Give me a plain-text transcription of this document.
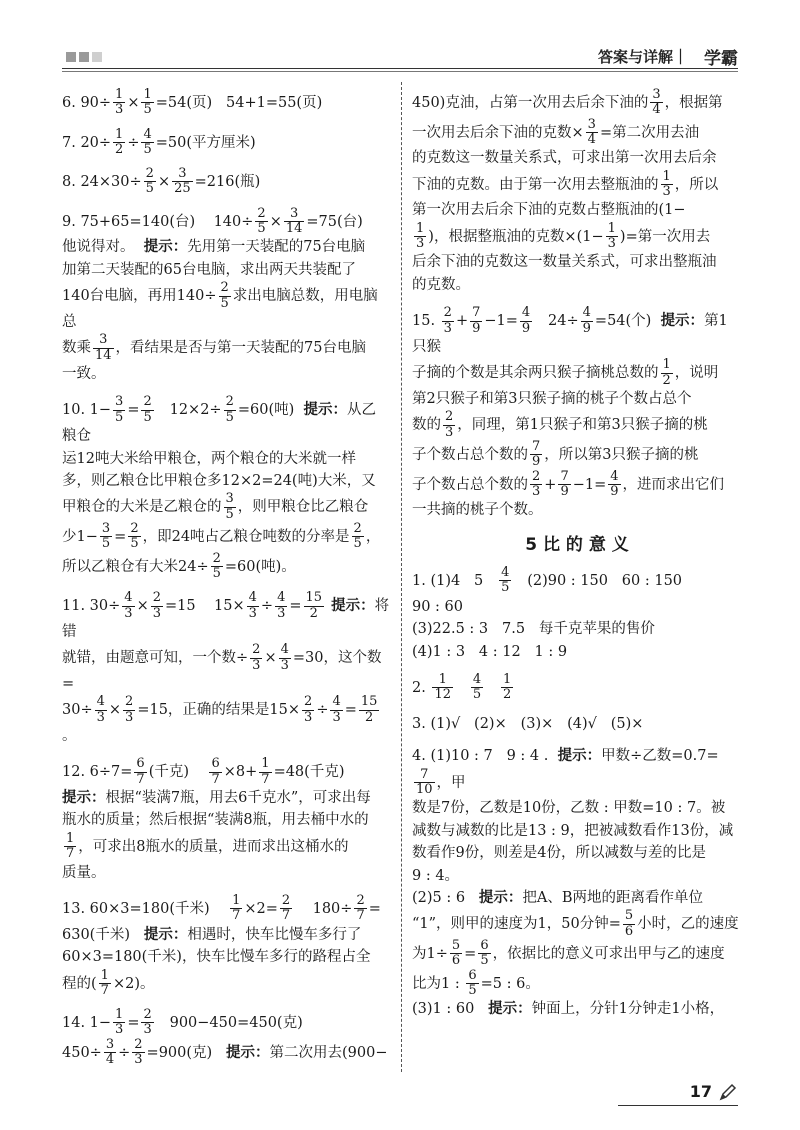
答案与详解｜ 学霸
6. $90\div \frac{1}{3} \times \frac{1}{5} =54$(页)   54+1=55(页)
7. $20\div \frac{1}{2} \div \frac{4}{5} =50$(平方厘米)
8. $24\times 30\div \frac{2}{5} \times \frac{3}{25} =216$(瓶)
9. 75+65=140(台)    $140\div \frac{2}{5} \times \frac{3}{14} =75$(台)
他说得对。  提示：先用第一天装配的75台电脑
加第二天装配的65台电脑，求出两天共装配了
140台电脑，再用$140\div \frac{2}{5}$ 求出电脑总数，用电脑总
数乘 $\frac{3}{14}$ ，看结果是否与第一天装配的75台电脑
一致。
10. $1- \frac{3}{5} = \frac{2}{5} 12\times 2\div \frac{2}{5} =60$(吨)  提示：从乙粮仓
运12吨大米给甲粮仓，两个粮仓的大米就一样
多，则乙粮仓比甲粮仓多12×2=24(吨)大米，又
甲粮仓的大米是乙粮仓的 $\frac{3}{5}$ ，则甲粮仓比乙粮仓
少$1- \frac{3}{5} = \frac{2}{5}$ ，即24吨占乙粮仓吨数的分率是 $\frac{2}{5}$ ，
所以乙粮仓有大米$24\div \frac{2}{5} =60$(吨)。
11. $30\div \frac{4}{3} \times \frac{2}{3} =15$    $15\times \frac{4}{3} \div \frac{4}{3} = \frac{15}{2}$ 提示：将错
就错，由题意可知，一个数÷ $\frac{2}{3} \times \frac{4}{3} =30$，这个数=
$30\div \frac{4}{3} \times \frac{2}{3} =15$，正确的结果是$15\times \frac{2}{3} \div \frac{4}{3} = \frac{15}{2}$
。
12. $6\div 7= \frac{6}{7}$ (千克) $\frac{6}{7} \times 8+ \frac{1}{7} =48$(千克)
提示：根据“装满7瓶，用去6千克水”，可求出每
瓶水的质量；然后根据“装满8瓶，用去桶中水的
$\frac{1}{7}$ ，可求出8瓶水的质量，进而求出这桶水的
质量。
13. 60×3=180(千米) $\frac{1}{7} \times 2= \frac{2}{7} 180\div \frac{2}{7}$ =
630(千米)   提示：相遇时，快车比慢车多行了
60×3=180(千米)，快车比慢车多行的路程占全
程的( $\frac{1}{7} \times 2$)。
14. $1- \frac{1}{3} = \frac{2}{3} 900-450=450$(克)
$450\div \frac{3}{4} \div \frac{2}{3} =900$(克)   提示：第二次用去(900−
450)克油，占第一次用去后余下油的 $\frac{3}{4}$ ，根据第
一次用去后余下油的克数× $\frac{3}{4}$ =第二次用去油
的克数这一数量关系式，可求出第一次用去后余
下油的克数。由于第一次用去整瓶油的 $\frac{1}{3}$ ，所以
第一次用去后余下油的克数占整瓶油的(1−
$\frac{1}{3}$ )，根据整瓶油的克数$\times(1- \frac{1}{3}$ )=第一次用去
后余下油的克数这一数量关系式，可求出整瓶油
的克数。
15. $\frac{2}{3} + \frac{7}{9} -1= \frac{4}{9} 24\div \frac{4}{9} =54$(个)  提示：第1只猴
子摘的个数是其余两只猴子摘桃总数的 $\frac{1}{2}$ ，说明
第2只猴子和第3只猴子摘的桃子个数占总个
数的 $\frac{2}{3}$ ，同理，第1只猴子和第3只猴子摘的桃
子个数占总个数的 $\frac{7}{9}$ ，所以第3只猴子摘的桃
子个数占总个数的 $\frac{2}{3} + \frac{7}{9} -1= \frac{4}{9}$ ，进而求出它们
一共摘的桃子个数。
5 比 的 意 义
1. (1)4   $5 \frac{4}{5} (2)90$ : 150   60 : 150
90 : 60
(3)22.5 : 3   7.5   每千克苹果的售价
(4)1 : 3   4 : 12   1 : 9
2. $\frac{1}{12}$
$\frac{4}{5}$
$\frac{1}{2}$
3. (1)√   (2)×   (3)×   (4)√   (5)×
4. (1)10 : 7   9 : 4 .  提示：甲数÷乙数=0.7=
$\frac{7}{10}$ ，甲
数是7份，乙数是10份，乙数 : 甲数=10 : 7。被
减数与减数的比是13 : 9，把被减数看作13份，减
数看作9份，则差是4份，所以减数与差的比是
9 : 4。
(2)5 : 6   提示：把A、B两地的距离看作单位
“1”，则甲的速度为1，50分钟= $\frac{5}{6}$ 小时，乙的速度
为$1\div \frac{5}{6} = \frac{6}{5}$ ，依据比的意义可求出甲与乙的速度
比为1 : $\frac{6}{5} =5$ : 6。
(3)1 : 60   提示：钟面上，分针1分钟走1小格，
17
